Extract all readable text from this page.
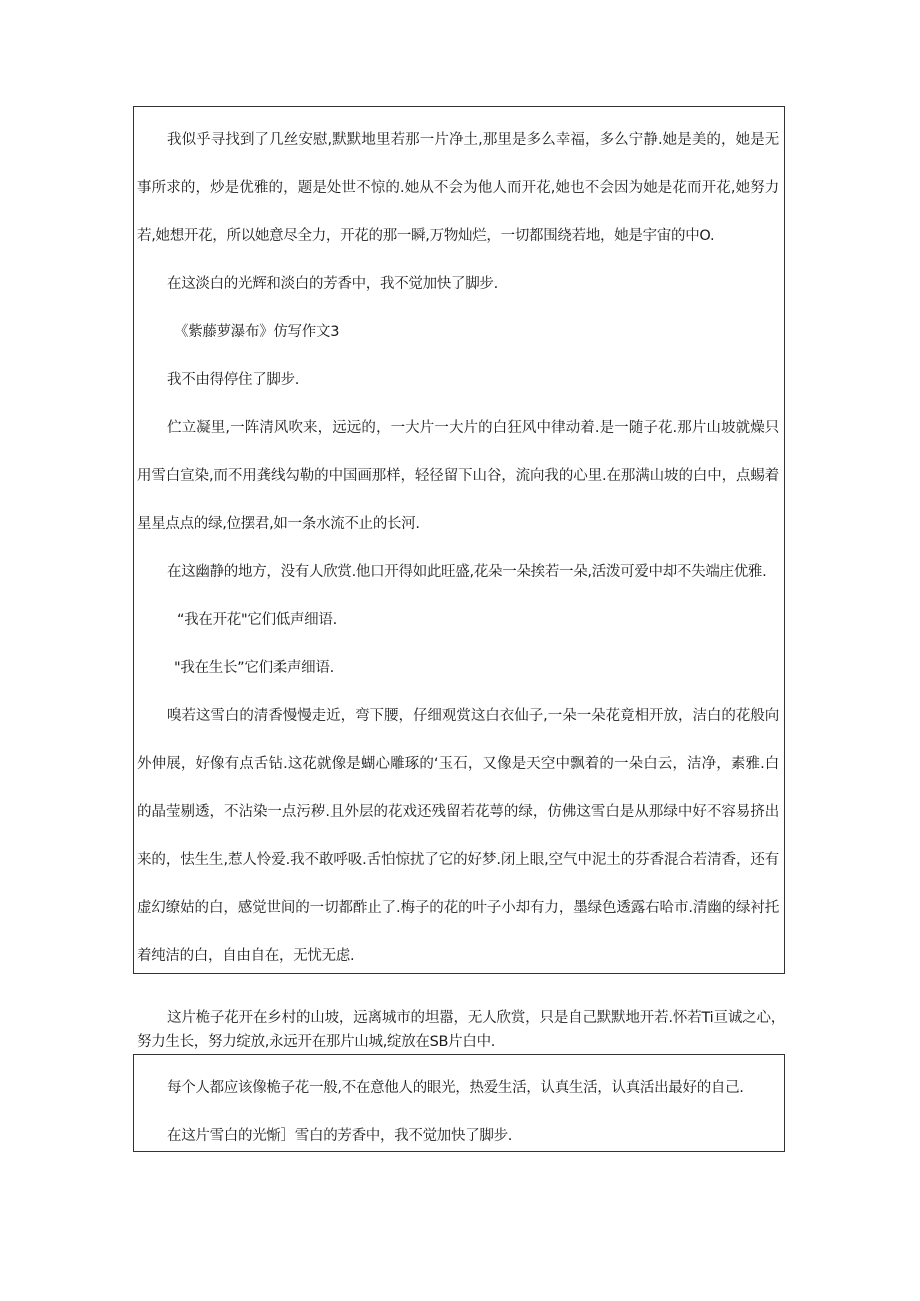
我似乎寻找到了几丝安慰,默默地里若那一片净土,那里是多么幸福，多么宁静.她是美的，她是无
事所求的，炒是优雅的，题是处世不惊的.她从不会为他人而开花,她也不会因为她是花而开花,她努力
若,她想开花，所以她意尽全力，开花的那一瞬,万物灿烂，一切都围绕若地，她是宇宙的中O.
在这淡白的光辉和淡白的芳香中，我不觉加快了脚步.
《紫藤萝瀑布》仿写作文3
我不由得停住了脚步.
伫立凝里,一阵清风吹来，远远的，一大片一大片的白狂风中律动着.是一随子花.那片山坡就燥只
用雪白宣染,而不用龚线勾勒的中国画那样，轻径留下山谷，流向我的心里.在那满山坡的白中，点蜴着
星星点点的绿,位摆君,如一条水流不止的长河.
在这幽静的地方，没有人欣赏.他口开得如此旺盛,花朵一朵挨若一朵,活泼可爱中却不失端庄优雅.
“我在开花"它们低声细语.
"我在生长”它们柔声细语.
嗅若这雪白的清香慢慢走近，弯下腰，仔细观赏这白衣仙子,一朵一朵花竟相开放，洁白的花般向
外伸展，好像有点舌钻.这花就像是蝴心雕琢的‘玉石，又像是天空中飘着的一朵白云，洁净，素雅.白
的晶莹剔透，不沾染一点污秽.且外层的花戏还残留若花萼的绿，仿佛这雪白是从那绿中好不容易挤出
来的，怯生生,惹人怜爱.我不敢呼吸.舌怕惊扰了它的好梦.闭上眼,空气中泥土的芬香混合若清香，还有
虚幻缭姑的白，感觉世间的一切都酢止了.梅子的花的叶子小却有力，墨绿色透露右哈市.清幽的绿衬托
着纯洁的白，自由自在，无忧无虑.
这片桅子花开在乡村的山坡，远离城市的坦嚣，无人欣赏，只是自己默默地开若.怀若Ti亘诚之心，
努力生长，努力绽放,永远开在那片山城,绽放在SB片白中.
每个人都应该像桅子花一般,不在意他人的眼光，热爱生活，认真生活，认真活出最好的自己.
在这片雪白的光惭］雪白的芳香中，我不觉加快了脚步.
